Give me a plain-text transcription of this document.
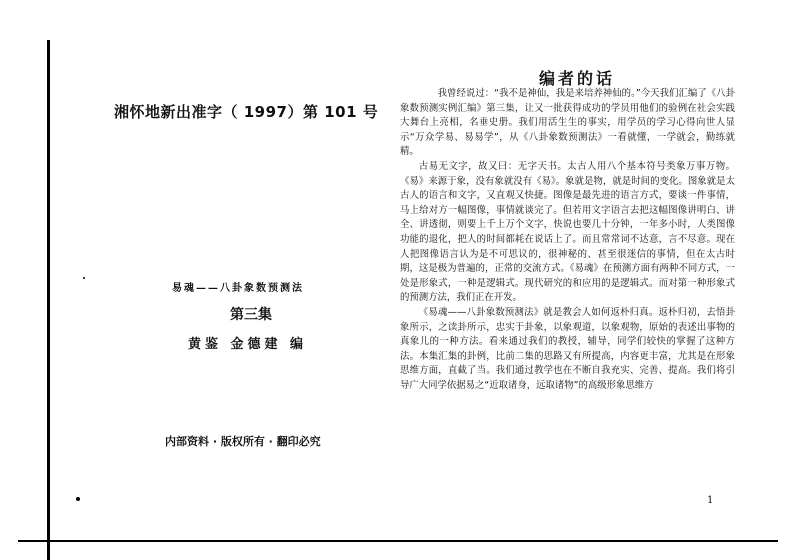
湘怀地新出准字（ 1997）第 101 号
易魂——八卦象数预测法
第三集
黄鉴 金德建 编
内部资料 · 版权所有 · 翻印必究
编者的话

我曾经说过：“我不是神仙，我是来培养神仙的。”今天我们汇编了《八卦象数预测实例汇编》第三集，让又一批获得成功的学员用他们的验例在社会实践大舞台上亮相，名垂史册。我们用活生生的事实，用学员的学习心得向世人显示“万众学易、易易学”，从《八卦象数预测法》一看就懂，一学就会，勤练就精。

古易无文字，故又曰：无字天书。太古人用八个基本符号类象万事万物。《易》来源于象，没有象就没有《易》。象就是物，就是时间的变化。图象就是太古人的语言和文字，又直观又快捷。图像是最先进的语言方式，要谈一件事情，马上给对方一幅图像，事情就谈完了。但若用文字语言去把这幅图像讲明白、讲全、讲透彻，则要上千上万个文字，快说也要几十分钟，一年多小时，人类图像功能的退化，把人的时间都耗在说话上了。而且常常词不达意，言不尽意。现在人把图像语言认为是不可思议的，很神秘的、甚至很迷信的事情，但在太古时期，这是极为普遍的，正常的交流方式。《易魂》在预测方面有两种不同方式，一处是形象式，一种是逻辑式。现代研究的和应用的是逻辑式。而对第一种形象式的预测方法，我们正在开发。

《易魂——八卦象数预测法》就是教会人如何返朴归真。返朴归初，去悟卦象所示，之读卦所示，忠实于卦象，以象观道，以象观物，原始的表述出事物的真象儿的一种方法。看来通过我们的教授，辅导，同学们较快的掌握了这种方法。本集汇集的卦例，比前二集的思路又有所提高，内容更丰富，尤其是在形象思维方面，直截了当。我们通过教学也在不断自我充实、完善、提高。我们将引导广大同学依据易之“近取诸身，远取诸物”的高级形象思维方

1
